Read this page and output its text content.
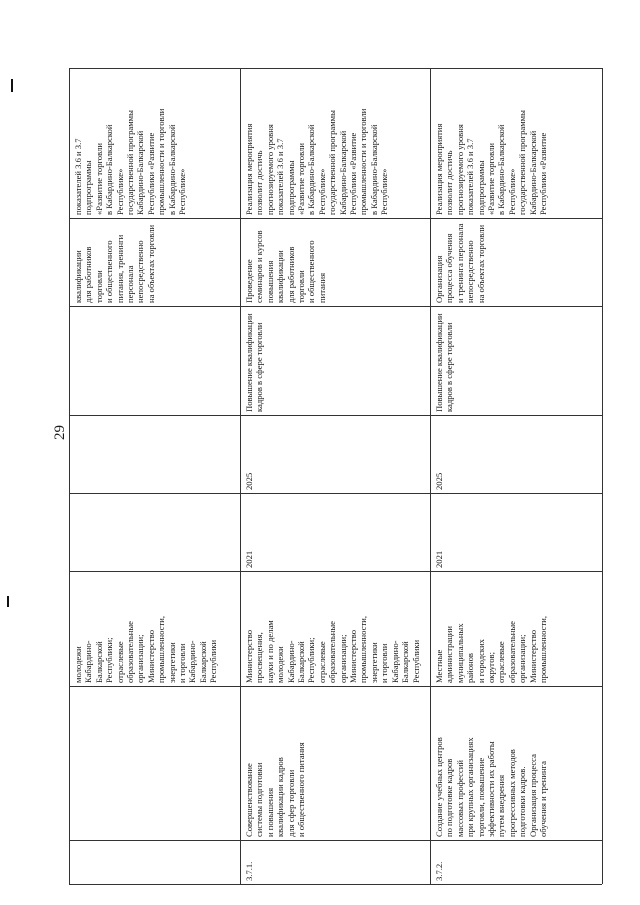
29
молодежи
Кабардино-
Балкарской
Республики;
отраслевые
образовательные
организации;
Министерство
промышленности,
энергетики
и торговли
Кабардино-
Балкарской
Республики
квалификации
для работников
торговли
и общественного
питания, тренинги
персонала
непосредственно
на объектах торговли
показателей 3.6 и 3.7
подпрограммы
«Развитие торговли
в Кабардино-Балкарской
Республике»
государственной программы
Кабардино-Балкарской
Республики «Развитие
промышленности и торговли
в Кабардино-Балкарской
Республике»
3.7.1.
Совершенствование
системы подготовки
и повышения
квалификации кадров
для сфер торговли
и общественного питания
Министерство
просвещения,
науки и по делам
молодежи
Кабардино-
Балкарской
Республики;
отраслевые
образовательные
организации;
Министерство
промышленности,
энергетики
и торговли
Кабардино-
Балкарской
Республики
2021
2025
Повышение квалификации
кадров в сфере торговли
Проведение
семинаров и курсов
повышения
квалификации
для работников
торговли
и общественного
питания
Реализация мероприятия
позволит достичь
прогнозируемого уровня
показателей 3.6 и 3.7
подпрограммы
«Развитие торговли
в Кабардино-Балкарской
Республике»
государственной программы
Кабардино-Балкарской
Республики «Развитие
промышленности и торговли
в Кабардино-Балкарской
Республике»
3.7.2.
Создание учебных центров
по подготовке кадров
массовых профессий
при крупных организациях
торговли, повышение
эффективности их работы
путем внедрения
прогрессивных методов
подготовки кадров.
Организация процесса
обучения и тренинга
Местные
администрации
муниципальных
районов
и городских
округов;
отраслевые
образовательные
организации;
Министерство
промышленности,
2021
2025
Повышение квалификации
кадров в сфере торговли
Организация
процесса обучения
и тренинга персонала
непосредственно
на объектах торговли
Реализация мероприятия
позволит достичь
прогнозируемого уровня
показателей 3.6 и 3.7
подпрограммы
«Развитие торговли
в Кабардино-Балкарской
Республике»
государственной программы
Кабардино-Балкарской
Республики «Развитие
